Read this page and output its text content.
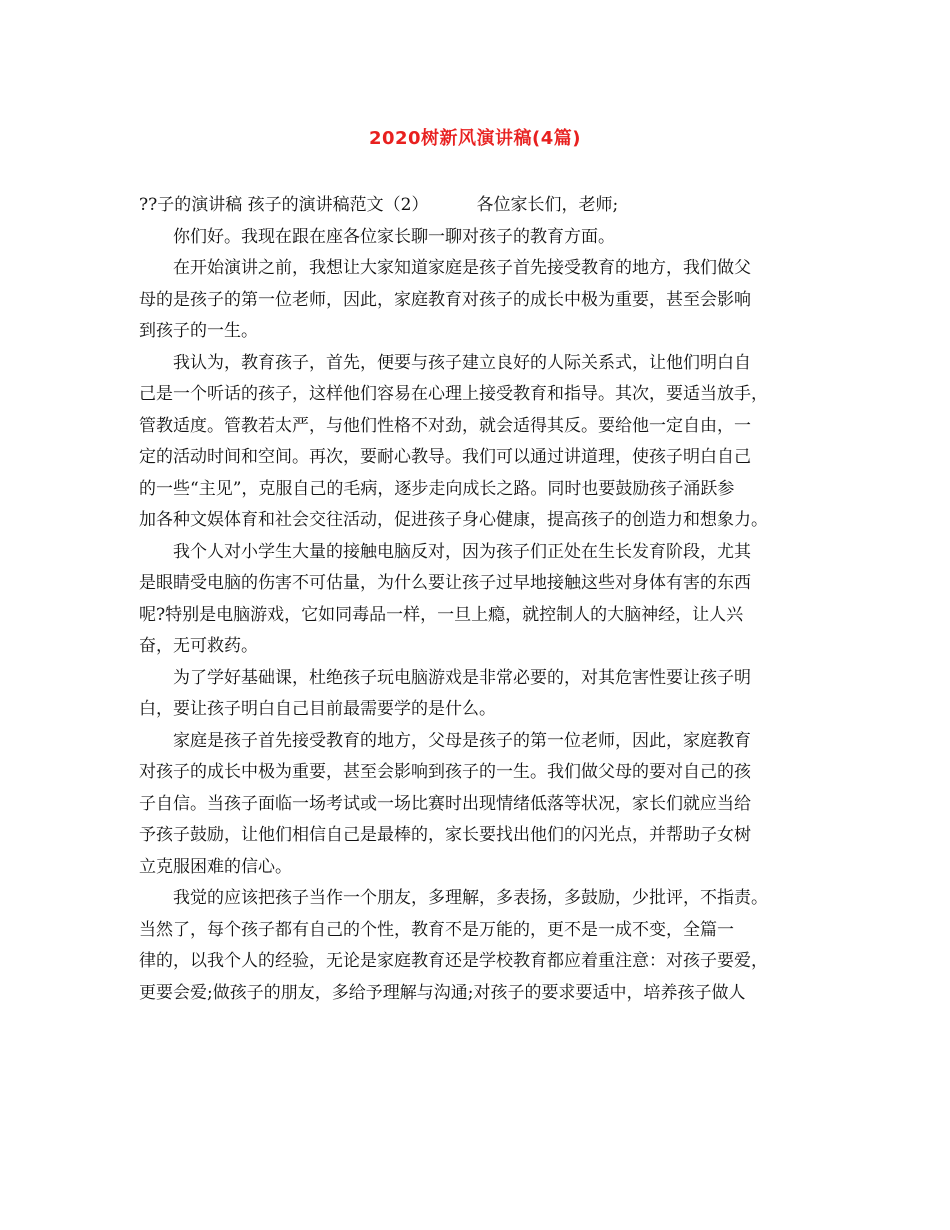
2020树新风演讲稿(4篇)
??子的演讲稿 孩子的演讲稿范文（2）	各位家长们，老师;
你们好。我现在跟在座各位家长聊一聊对孩子的教育方面。
在开始演讲之前，我想让大家知道家庭是孩子首先接受教育的地方，我们做父
母的是孩子的第一位老师，因此，家庭教育对孩子的成长中极为重要，甚至会影响
到孩子的一生。
我认为，教育孩子，首先，便要与孩子建立良好的人际关系式，让他们明白自
己是一个听话的孩子，这样他们容易在心理上接受教育和指导。其次，要适当放手，
管教适度。管教若太严，与他们性格不对劲，就会适得其反。要给他一定自由，一
定的活动时间和空间。再次，要耐心教导。我们可以通过讲道理，使孩子明白自己
的一些“主见”，克服自己的毛病，逐步走向成长之路。同时也要鼓励孩子涌跃参
加各种文娱体育和社会交往活动，促进孩子身心健康，提高孩子的创造力和想象力。
我个人对小学生大量的接触电脑反对，因为孩子们正处在生长发育阶段，尤其
是眼睛受电脑的伤害不可估量，为什么要让孩子过早地接触这些对身体有害的东西
呢?特别是电脑游戏，它如同毒品一样，一旦上瘾，就控制人的大脑神经，让人兴
奋，无可救药。
为了学好基础课，杜绝孩子玩电脑游戏是非常必要的，对其危害性要让孩子明
白，要让孩子明白自己目前最需要学的是什么。
家庭是孩子首先接受教育的地方，父母是孩子的第一位老师，因此，家庭教育
对孩子的成长中极为重要，甚至会影响到孩子的一生。我们做父母的要对自己的孩
子自信。当孩子面临一场考试或一场比赛时出现情绪低落等状况，家长们就应当给
予孩子鼓励，让他们相信自己是最棒的，家长要找出他们的闪光点，并帮助子女树
立克服困难的信心。
我觉的应该把孩子当作一个朋友，多理解，多表扬，多鼓励，少批评，不指责。
当然了，每个孩子都有自己的个性，教育不是万能的，更不是一成不变，全篇一
律的，以我个人的经验，无论是家庭教育还是学校教育都应着重注意：对孩子要爱，
更要会爱;做孩子的朋友，多给予理解与沟通;对孩子的要求要适中，培养孩子做人
